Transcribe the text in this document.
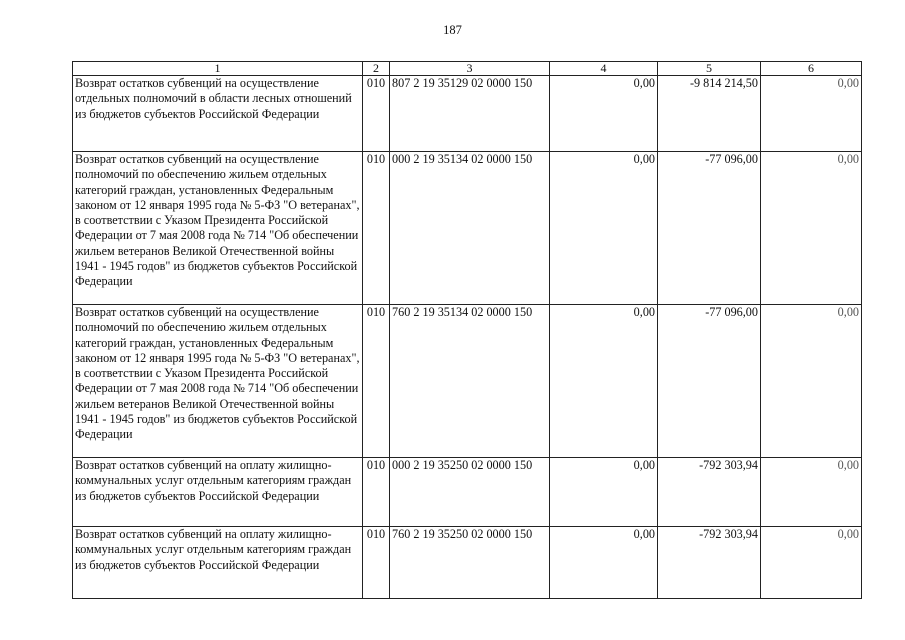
187
1	2	3	4	5	6
Возврат остатков субвенций на осуществление отдельных полномочий в области лесных отношений из бюджетов субъектов Российской Федерации	010	807 2 19 35129 02 0000 150	0,00	-9 814 214,50	0,00
Возврат остатков субвенций на осуществление полномочий по обеспечению жильем отдельных категорий граждан, установленных Федеральным законом от 12 января 1995 года № 5-ФЗ "О ветеранах", в соответствии с Указом Президента Российской Федерации от 7 мая 2008 года № 714 "Об обеспечении жильем ветеранов Великой Отечественной войны 1941 - 1945 годов" из бюджетов субъектов Российской Федерации	010	000 2 19 35134 02 0000 150	0,00	-77 096,00	0,00
Возврат остатков субвенций на осуществление полномочий по обеспечению жильем отдельных категорий граждан, установленных Федеральным законом от 12 января 1995 года № 5-ФЗ "О ветеранах", в соответствии с Указом Президента Российской Федерации от 7 мая 2008 года № 714 "Об обеспечении жильем ветеранов Великой Отечественной войны 1941 - 1945 годов" из бюджетов субъектов Российской Федерации	010	760 2 19 35134 02 0000 150	0,00	-77 096,00	0,00
Возврат остатков субвенций на оплату жилищно-коммунальных услуг отдельным категориям граждан из бюджетов субъектов Российской Федерации	010	000 2 19 35250 02 0000 150	0,00	-792 303,94	0,00
Возврат остатков субвенций на оплату жилищно-коммунальных услуг отдельным категориям граждан из бюджетов субъектов Российской Федерации	010	760 2 19 35250 02 0000 150	0,00	-792 303,94	0,00
